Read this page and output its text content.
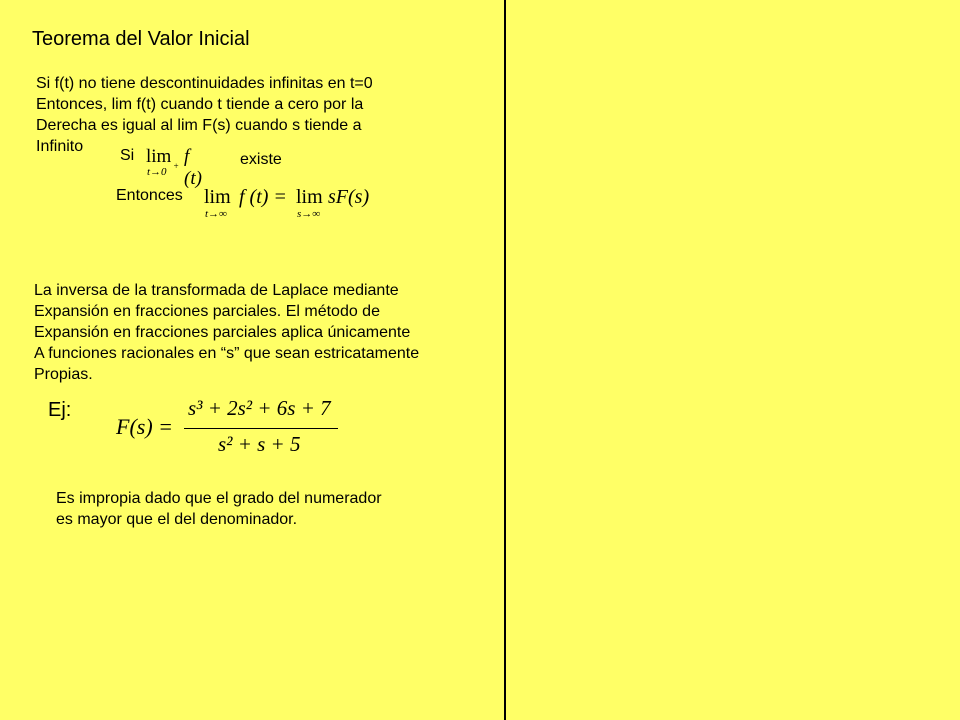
Teorema del Valor Inicial
Si f(t) no tiene descontinuidades infinitas en t=0
Entonces, lim f(t) cuando t tiende a cero por la
Derecha es igual al lim F(s) cuando s tiende a
Infinito
Si lim
t→0 + f (t)
existe
Entonces lim
t→∞
f (t) = lim
s→∞
sF(s)
La inversa de la transformada de Laplace mediante
Expansión en fracciones parciales. El método de
Expansión en fracciones parciales aplica únicamente
A funciones racionales en “s” que sean estricatamente
Propias.
Ej:
F(s) =
s³ + 2s² + 6s + 7
s² + s + 5
Es impropia dado que el grado del numerador
es mayor que el del denominador.
